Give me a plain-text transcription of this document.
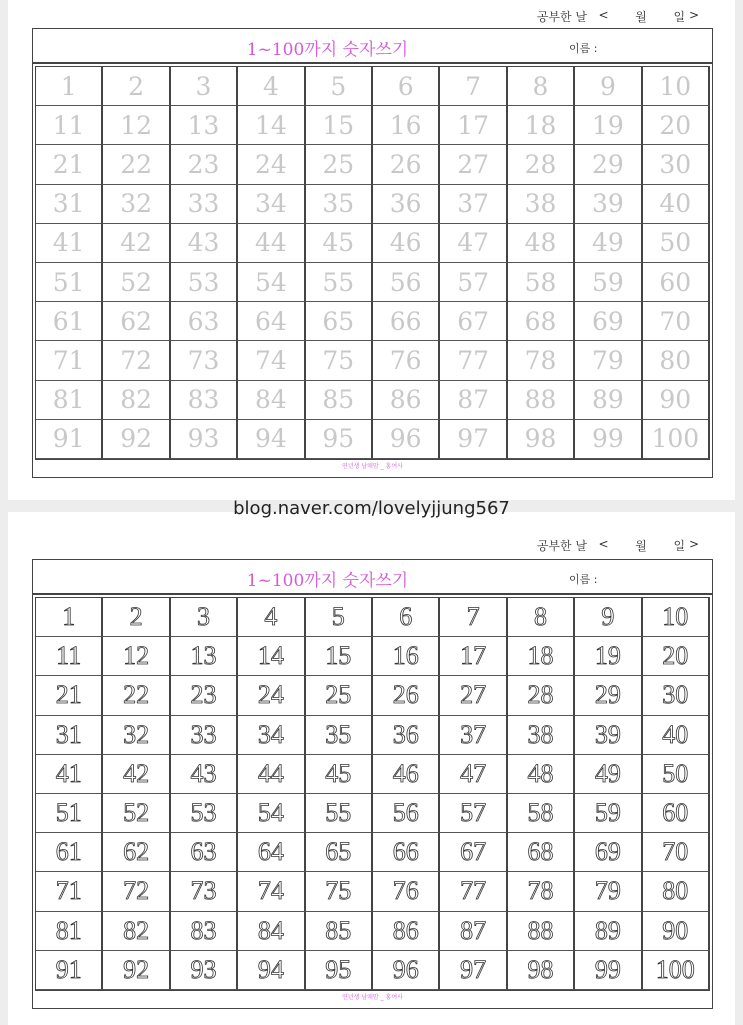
공부한 날
<
월
일
>
1~100까지 숫자쓰기	이름 :
1	2	3	4	5	6	7	8	9	10
11	12	13	14	15	16	17	18	19	20
21	22	23	24	25	26	27	28	29	30
31	32	33	34	35	36	37	38	39	40
41	42	43	44	45	46	47	48	49	50
51	52	53	54	55	56	57	58	59	60
61	62	63	64	65	66	67	68	69	70
71	72	73	74	75	76	77	78	79	80
81	82	83	84	85	86	87	88	89	90
91	92	93	94	95	96	97	98	99	100
연년생 남매맘 _ 홍여사
blog.naver.com/lovelyjjung567
공부한 날
<
월
일
>
1~100까지 숫자쓰기	이름 :
1	2	3	4	5	6	7	8	9	10
11	12	13	14	15	16	17	18	19	20
21	22	23	24	25	26	27	28	29	30
31	32	33	34	35	36	37	38	39	40
41	42	43	44	45	46	47	48	49	50
51	52	53	54	55	56	57	58	59	60
61	62	63	64	65	66	67	68	69	70
71	72	73	74	75	76	77	78	79	80
81	82	83	84	85	86	87	88	89	90
91	92	93	94	95	96	97	98	99	100
연년생 남매맘 _ 홍여사
